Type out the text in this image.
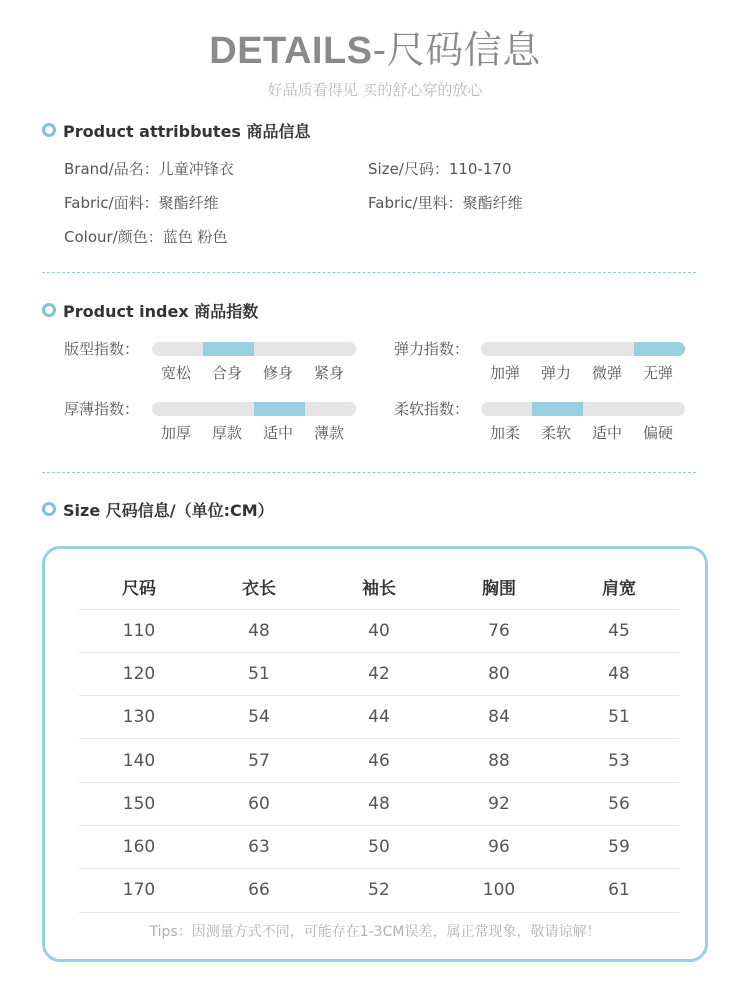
DETAILS-尺码信息
好品质看得见 买的舒心穿的放心
Product attribbutes 商品信息
Brand/品名：儿童冲锋衣	Size/尺码：110-170
Fabric/面料：聚酯纤维	Fabric/里料：聚酯纤维
Colour/颜色：蓝色 粉色
Product index 商品指数
版型指数：
宽松	合身	修身	紧身
弹力指数：
加弹	弹力	微弹	无弹
厚薄指数：
加厚	厚款	适中	薄款
柔软指数：
加柔	柔软	适中	偏硬
Size 尺码信息/（单位:CM）
尺码	衣长	袖长	胸围	肩宽
110	48	40	76	45
120	51	42	80	48
130	54	44	84	51
140	57	46	88	53
150	60	48	92	56
160	63	50	96	59
170	66	52	100	61
Tips：因测量方式不同，可能存在1-3CM误差，属正常现象，敬请谅解！
